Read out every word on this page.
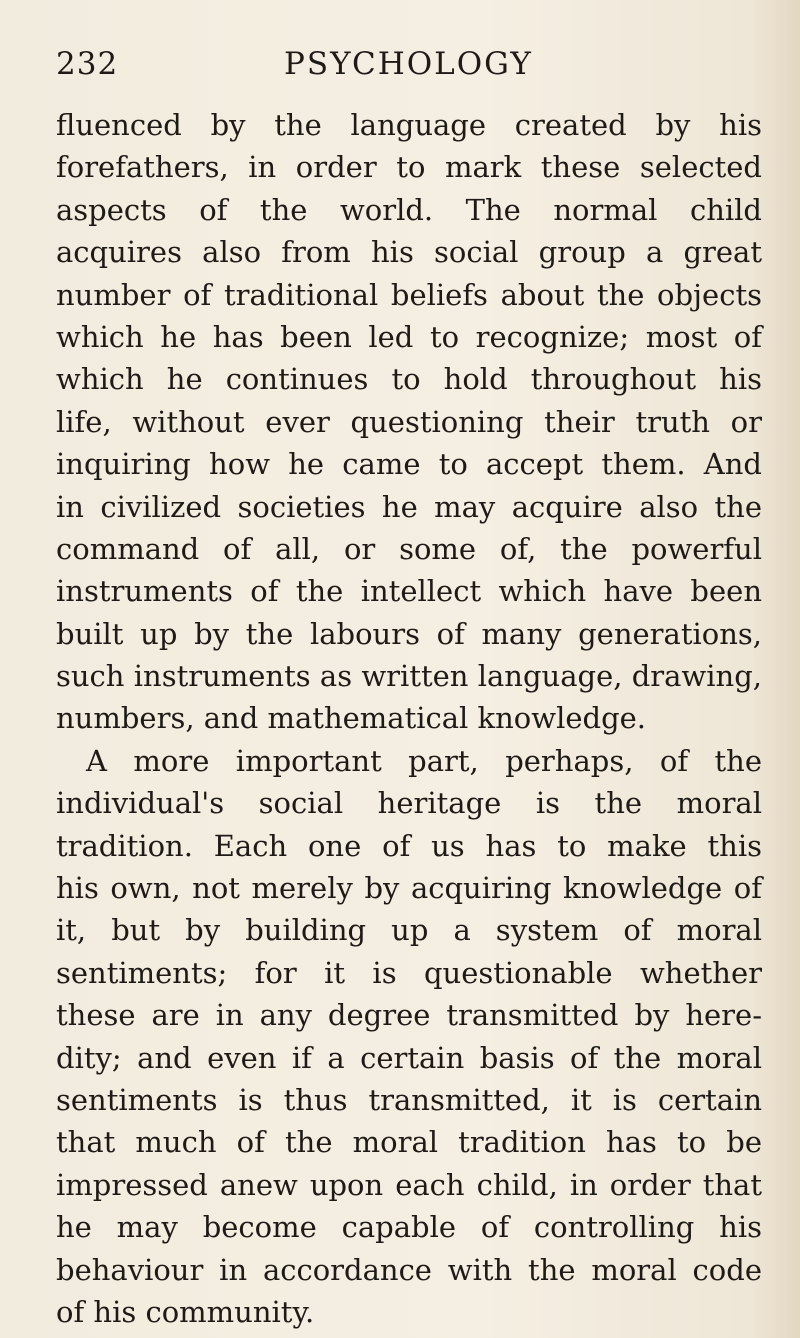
232	PSYCHOLOGY
fluenced by the language created by his
forefathers, in order to mark these selected
aspects of the world. The normal child
acquires also from his social group a great
number of traditional beliefs about the objects
which he has been led to recognize; most of
which he continues to hold throughout his
life, without ever questioning their truth or
inquiring how he came to accept them. And
in civilized societies he may acquire also the
command of all, or some of, the powerful
instruments of the intellect which have been
built up by the labours of many generations,
such instruments as written language, drawing,
numbers, and mathematical knowledge.
A more important part, perhaps, of the
individual's social heritage is the moral
tradition. Each one of us has to make this
his own, not merely by acquiring knowledge of
it, but by building up a system of moral
sentiments; for it is questionable whether
these are in any degree transmitted by here-
dity; and even if a certain basis of the moral
sentiments is thus transmitted, it is certain
that much of the moral tradition has to be
impressed anew upon each child, in order that
he may become capable of controlling his
behaviour in accordance with the moral code
of his community.
